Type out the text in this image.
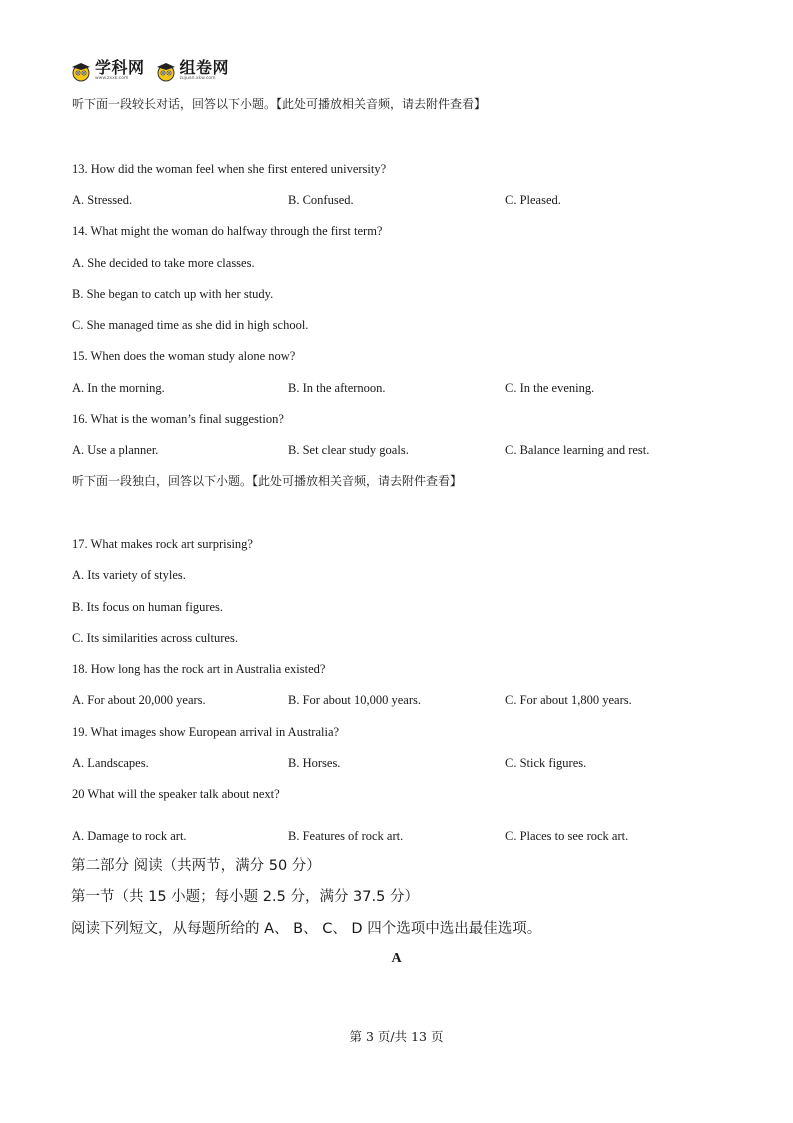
学科网
www.zxxk.com
组卷网
zujuan.xkw.com
听下面一段较长对话，回答以下小题。【此处可播放相关音频，请去附件查看】
13. How did the woman feel when she first entered university?
A. Stressed.	B. Confused.	C. Pleased.
14. What might the woman do halfway through the first term?
A. She decided to take more classes.
B. She began to catch up with her study.
C. She managed time as she did in high school.
15. When does the woman study alone now?
A. In the morning.	B. In the afternoon.	C. In the evening.
16. What is the woman’s final suggestion?
A. Use a planner.	B. Set clear study goals.	C. Balance learning and rest.
听下面一段独白，回答以下小题。【此处可播放相关音频，请去附件查看】
17. What makes rock art surprising?
A. Its variety of styles.
B. Its focus on human figures.
C. Its similarities across cultures.
18. How long has the rock art in Australia existed?
A. For about 20,000 years.	B. For about 10,000 years.	C. For about 1,800 years.
19. What images show European arrival in Australia?
A. Landscapes.	B. Horses.	C. Stick figures.
20 What will the speaker talk about next?
A. Damage to rock art.	B. Features of rock art.	C. Places to see rock art.
第二部分 阅读（共两节，满分 50 分）
第一节（共 15 小题；每小题 2.5 分，满分 37.5 分）
阅读下列短文，从每题所给的 A、 B、 C、 D 四个选项中选出最佳选项。
A
第 3 页/共 13 页
